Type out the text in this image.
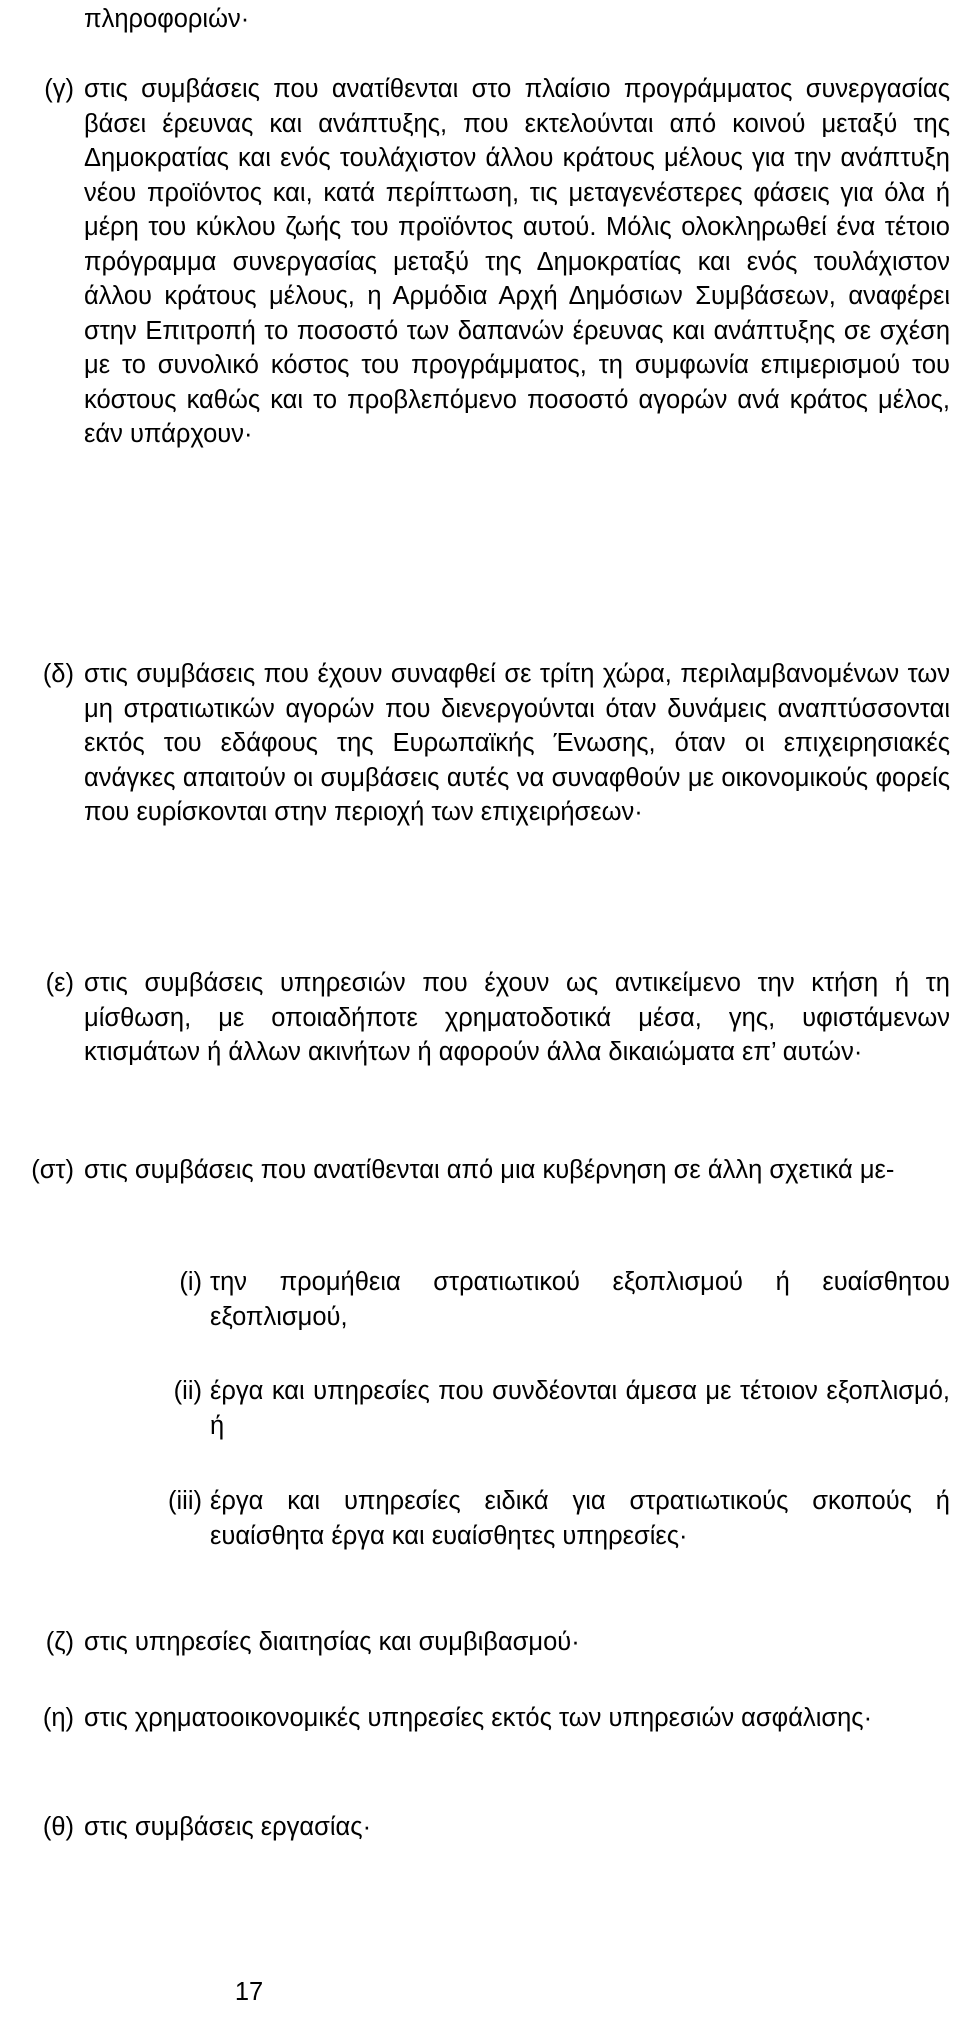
πληροφοριών·
(γ) στις συμβάσεις που ανατίθενται στο πλαίσιο προγράμματος συνεργασίας βάσει έρευνας και ανάπτυξης, που εκτελούνται από κοινού μεταξύ της Δημοκρατίας και ενός τουλάχιστον άλλου κράτους μέλους για την ανάπτυξη νέου προϊόντος και, κατά περίπτωση, τις μεταγενέστερες φάσεις για όλα ή μέρη του κύκλου ζωής του προϊόντος αυτού. Μόλις ολοκληρωθεί ένα τέτοιο πρόγραμμα συνεργασίας μεταξύ της Δημοκρατίας και ενός τουλάχιστον άλλου κράτους μέλους, η Αρμόδια Αρχή Δημόσιων Συμβάσεων, αναφέρει στην Επιτροπή το ποσοστό των δαπανών έρευνας και ανάπτυξης σε σχέση με το συνολικό κόστος του προγράμματος, τη συμφωνία επιμερισμού του κόστους καθώς και το προβλεπόμενο ποσοστό αγορών ανά κράτος μέλος, εάν υπάρχουν·
(δ) στις συμβάσεις που έχουν συναφθεί σε τρίτη χώρα, περιλαμβανομένων των μη στρατιωτικών αγορών που διενεργούνται όταν δυνάμεις αναπτύσσονται εκτός του εδάφους της Ευρωπαϊκής Ένωσης, όταν οι επιχειρησιακές ανάγκες απαιτούν οι συμβάσεις αυτές να συναφθούν με οικονομικούς φορείς που ευρίσκονται στην περιοχή των επιχειρήσεων·
(ε) στις συμβάσεις υπηρεσιών που έχουν ως αντικείμενο την κτήση ή τη μίσθωση, με οποιαδήποτε χρηματοδοτικά μέσα, γης, υφιστάμενων κτισμάτων ή άλλων ακινήτων ή αφορούν άλλα δικαιώματα επ’ αυτών·
(στ) στις συμβάσεις που ανατίθενται από μια κυβέρνηση σε άλλη σχετικά με-
(i) την προμήθεια στρατιωτικού εξοπλισμού ή ευαίσθητου εξοπλισμού,
(ii) έργα και υπηρεσίες που συνδέονται άμεσα με τέτοιον εξοπλισμό, ή
(iii) έργα και υπηρεσίες ειδικά για στρατιωτικούς σκοπούς ή ευαίσθητα έργα και ευαίσθητες υπηρεσίες·
(ζ) στις υπηρεσίες διαιτησίας και συμβιβασμού·
(η) στις χρηματοοικονομικές υπηρεσίες εκτός των υπηρεσιών ασφάλισης·
(θ) στις συμβάσεις εργασίας·
17
